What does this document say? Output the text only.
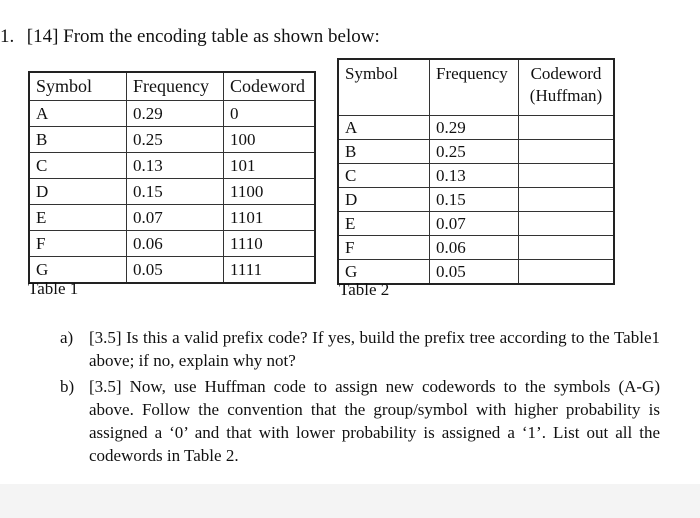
1. [14] From the encoding table as shown below:
Symbol	Frequency	Codeword
A	0.29	0
B	0.25	100
C	0.13	101
D	0.15	1100
E	0.07	1101
F	0.06	1110
G	0.05	1111
Table 1
Symbol	Frequency	Codeword
(Huffman)
A	0.29	
B	0.25	
C	0.13	
D	0.15	
E	0.07	
F	0.06	
G	0.05	
Table 2
a) [3.5] Is this a valid prefix code? If yes, build the prefix tree according to the Table1 above; if no, explain why not?
b) [3.5] Now, use Huffman code to assign new codewords to the symbols (A-G) above. Follow the convention that the group/symbol with higher probability is assigned a ‘0’ and that with lower probability is assigned a ‘1’. List out all the codewords in Table 2.
